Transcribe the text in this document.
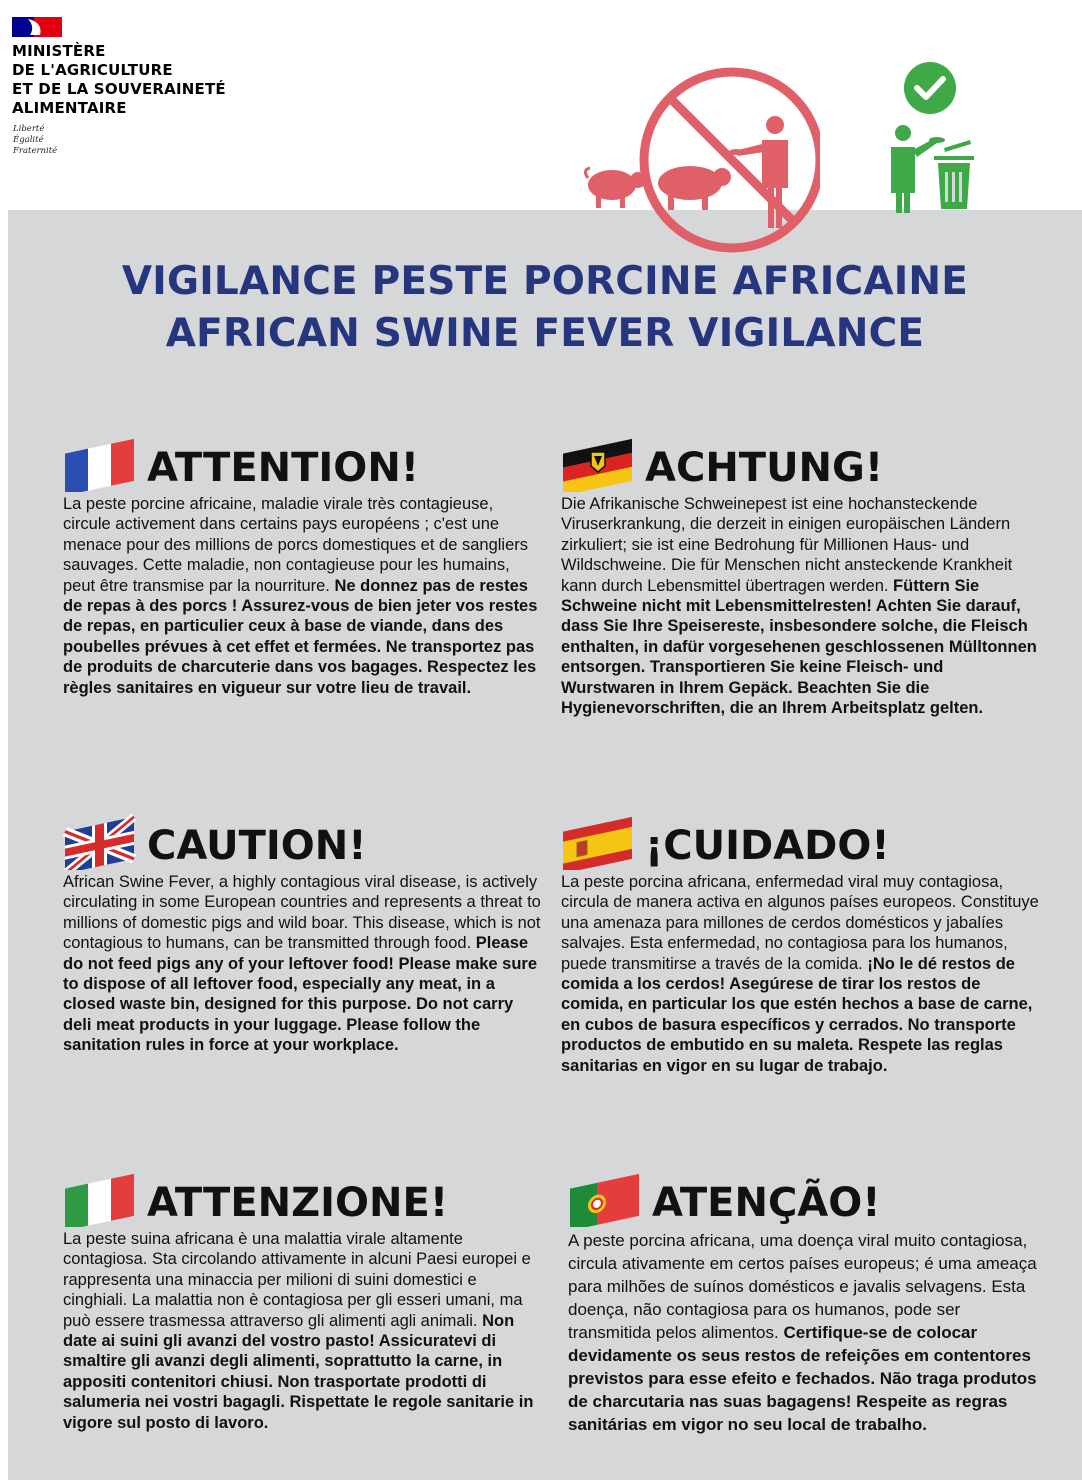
MINISTÈRE
DE L'AGRICULTURE
ET DE LA SOUVERAINETÉ
ALIMENTAIRE
Liberté
Égalité
Fraternité
VIGILANCE PESTE PORCINE AFRICAINE
AFRICAN SWINE FEVER VIGILANCE
ATTENTION!
La peste porcine africaine, maladie virale très contagieuse, circule activement dans certains pays européens ; c'est une menace pour des millions de porcs domestiques et de sangliers sauvages. Cette maladie, non contagieuse pour les humains, peut être transmise par la nourriture. Ne donnez pas de restes de repas à des porcs ! Assurez-vous de bien jeter vos restes de repas, en particulier ceux à base de viande, dans des poubelles prévues à cet effet et fermées. Ne transportez pas de produits de charcuterie dans vos bagages. Respectez les règles sanitaires en vigueur sur votre lieu de travail.
ACHTUNG!
Die Afrikanische Schweinepest ist eine hochansteckende Viruserkrankung, die derzeit in einigen europäischen Ländern zirkuliert; sie ist eine Bedrohung für Millionen Haus- und Wildschweine. Die für Menschen nicht ansteckende Krankheit kann durch Lebensmittel übertragen werden. Füttern Sie Schweine nicht mit Lebensmittelresten! Achten Sie darauf, dass Sie Ihre Speisereste, insbesondere solche, die Fleisch enthalten, in dafür vorgesehenen geschlossenen Mülltonnen entsorgen. Transportieren Sie keine Fleisch- und Wurstwaren in Ihrem Gepäck. Beachten Sie die Hygienevorschriften, die an Ihrem Arbeitsplatz gelten.
CAUTION!
African Swine Fever, a highly contagious viral disease, is actively circulating in some European countries and represents a threat to millions of domestic pigs and wild boar. This disease, which is not contagious to humans, can be transmitted through food. Please do not feed pigs any of your leftover food! Please make sure to dispose of all leftover food, especially any meat, in a closed waste bin, designed for this purpose. Do not carry deli meat products in your luggage. Please follow the sanitation rules in force at your workplace.
¡CUIDADO!
La peste porcina africana, enfermedad viral muy contagiosa, circula de manera activa en algunos países europeos. Constituye una amenaza para millones de cerdos domésticos y jabalíes salvajes. Esta enfermedad, no contagiosa para los humanos, puede transmitirse a través de la comida. ¡No le dé restos de comida a los cerdos! Asegúrese de tirar los restos de comida, en particular los que estén hechos a base de carne, en cubos de basura específicos y cerrados. No transporte productos de embutido en su maleta. Respete las reglas sanitarias en vigor en su lugar de trabajo.
ATTENZIONE!
La peste suina africana è una malattia virale altamente contagiosa. Sta circolando attivamente in alcuni Paesi europei e rappresenta una minaccia per milioni di suini domestici e cinghiali. La malattia non è contagiosa per gli esseri umani, ma può essere trasmessa attraverso gli alimenti agli animali. Non date ai suini gli avanzi del vostro pasto! Assicuratevi di smaltire gli avanzi degli alimenti, soprattutto la carne, in appositi contenitori chiusi. Non trasportate prodotti di salumeria nei vostri bagagli. Rispettate le regole sanitarie in vigore sul posto di lavoro.
ATENÇÃO!
A peste porcina africana, uma doença viral muito contagiosa, circula ativamente em certos países europeus; é uma ameaça para milhões de suínos domésticos e javalis selvagens. Esta doença, não contagiosa para os humanos, pode ser transmitida pelos alimentos. Certifique-se de colocar devidamente os seus restos de refeições em contentores previstos para esse efeito e fechados. Não traga produtos de charcutaria nas suas bagagens! Respeite as regras sanitárias em vigor no seu local de trabalho.
